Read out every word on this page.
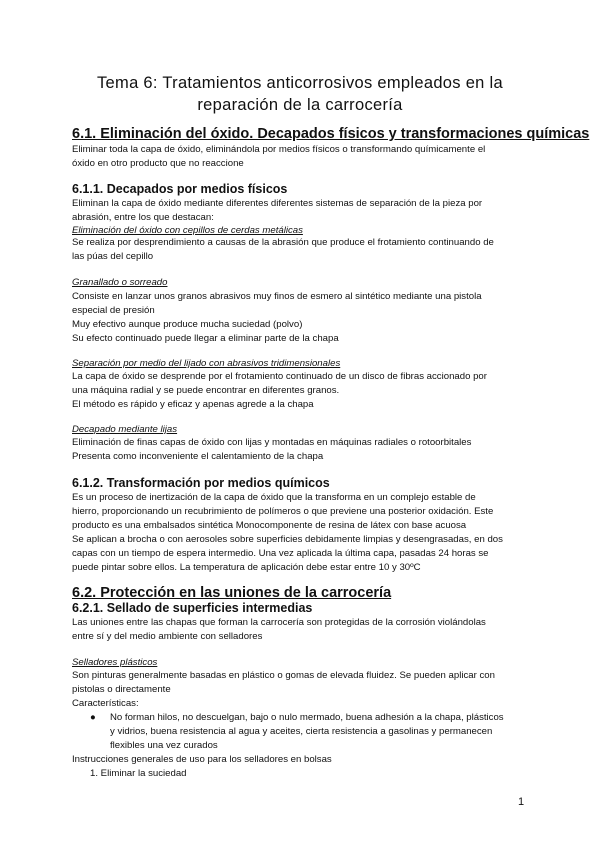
Tema 6: Tratamientos anticorrosivos empleados en la
reparación de la carrocería
6.1. Eliminación del óxido. Decapados físicos y transformaciones químicas
Eliminar toda la capa de óxido, eliminándola por medios físicos o transformando químicamente el
óxido en otro producto que no reaccione
6.1.1. Decapados por medios físicos
Eliminan la capa de óxido mediante diferentes diferentes sistemas de separación de la pieza por
abrasión, entre los que destacan:
Eliminación del óxido con cepillos de cerdas metálicas
Se realiza por desprendimiento a causas de la abrasión que produce el frotamiento continuando de
las púas del cepillo
Granallado o sorreado
Consiste en lanzar unos granos abrasivos muy finos de esmero al sintético mediante una pistola
especial de presión
Muy efectivo aunque produce mucha suciedad (polvo)
Su efecto continuado puede llegar a eliminar parte de la chapa
Separación por medio del lijado con abrasivos tridimensionales
La capa de óxido se desprende por el frotamiento continuado de un disco de fibras accionado por
una máquina radial y se puede encontrar en diferentes granos.
El método es rápido y eficaz y apenas agrede a la chapa
Decapado mediante lijas
Eliminación de finas capas de óxido con lijas y montadas en máquinas radiales o rotoorbitales
Presenta como inconveniente el calentamiento de la chapa
6.1.2. Transformación por medios químicos
Es un proceso de inertización de la capa de óxido que la transforma en un complejo estable de
hierro, proporcionando un recubrimiento de polímeros o que previene una posterior oxidación. Este
producto es una embalsados sintética Monocomponente de resina de látex con base acuosa
Se aplican a brocha o con aerosoles sobre superficies debidamente limpias y desengrasadas, en dos
capas con un tiempo de espera intermedio. Una vez aplicada la última capa, pasadas 24 horas se
puede pintar sobre ellos. La temperatura de aplicación debe estar entre 10 y 30ºC
6.2. Protección en las uniones de la carrocería
6.2.1. Sellado de superficies intermedias
Las uniones entre las chapas que forman la carrocería son protegidas de la corrosión violándolas
entre sí y del medio ambiente con selladores
Selladores plásticos
Son pinturas generalmente basadas en plástico o gomas de elevada fluidez. Se pueden aplicar con
pistolas o directamente
Características:
● No forman hilos, no descuelgan, bajo o nulo mermado, buena adhesión a la chapa, plásticos
y vidrios, buena resistencia al agua y aceites, cierta resistencia a gasolinas y permanecen
flexibles una vez curados
Instrucciones generales de uso para los selladores en bolsas
1. Eliminar la suciedad
1
